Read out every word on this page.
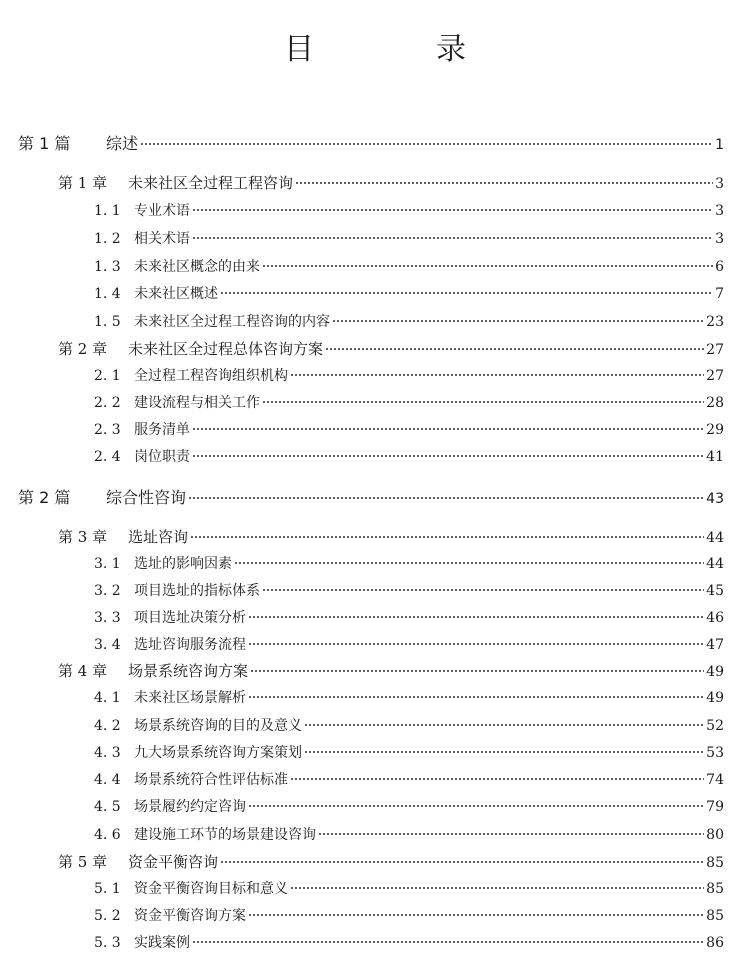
目　录
第 1 篇 综述	1
第 1 章 未来社区全过程工程咨询	3
1. 1 专业术语	3
1. 2 相关术语	3
1. 3 未来社区概念的由来	6
1. 4 未来社区概述	7
1. 5 未来社区全过程工程咨询的内容	23
第 2 章 未来社区全过程总体咨询方案	27
2. 1 全过程工程咨询组织机构	27
2. 2 建设流程与相关工作	28
2. 3 服务清单	29
2. 4 岗位职责	41
第 2 篇 综合性咨询	43
第 3 章 选址咨询	44
3. 1 选址的影响因素	44
3. 2 项目选址的指标体系	45
3. 3 项目选址决策分析	46
3. 4 选址咨询服务流程	47
第 4 章 场景系统咨询方案	49
4. 1 未来社区场景解析	49
4. 2 场景系统咨询的目的及意义	52
4. 3 九大场景系统咨询方案策划	53
4. 4 场景系统符合性评估标准	74
4. 5 场景履约约定咨询	79
4. 6 建设施工环节的场景建设咨询	80
第 5 章 资金平衡咨询	85
5. 1 资金平衡咨询目标和意义	85
5. 2 资金平衡咨询方案	85
5. 3 实践案例	86
